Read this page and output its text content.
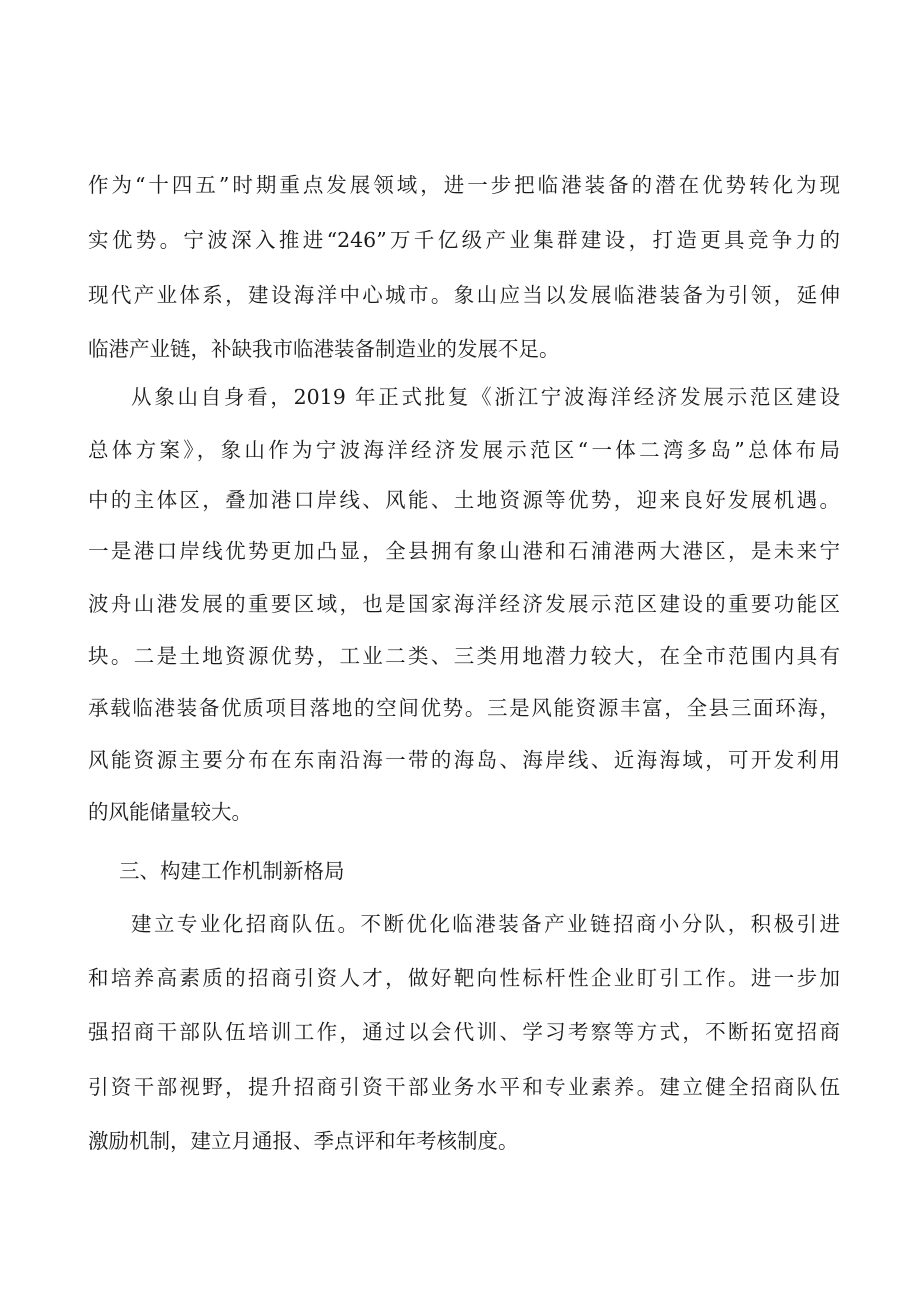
作为“十四五”时期重点发展领域，进一步把临港装备的潜在优势转化为现
实优势。宁波深入推进“246”万千亿级产业集群建设，打造更具竞争力的
现代产业体系，建设海洋中心城市。象山应当以发展临港装备为引领，延伸
临港产业链，补缺我市临港装备制造业的发展不足。
从象山自身看，2019 年正式批复《浙江宁波海洋经济发展示范区建设
总体方案》，象山作为宁波海洋经济发展示范区“一体二湾多岛”总体布局
中的主体区，叠加港口岸线、风能、土地资源等优势，迎来良好发展机遇。
一是港口岸线优势更加凸显，全县拥有象山港和石浦港两大港区，是未来宁
波舟山港发展的重要区域，也是国家海洋经济发展示范区建设的重要功能区
块。二是土地资源优势，工业二类、三类用地潜力较大，在全市范围内具有
承载临港装备优质项目落地的空间优势。三是风能资源丰富，全县三面环海，
风能资源主要分布在东南沿海一带的海岛、海岸线、近海海域，可开发利用
的风能储量较大。
三、构建工作机制新格局
建立专业化招商队伍。不断优化临港装备产业链招商小分队，积极引进
和培养高素质的招商引资人才，做好靶向性标杆性企业盯引工作。进一步加
强招商干部队伍培训工作，通过以会代训、学习考察等方式，不断拓宽招商
引资干部视野，提升招商引资干部业务水平和专业素养。建立健全招商队伍
激励机制，建立月通报、季点评和年考核制度。
